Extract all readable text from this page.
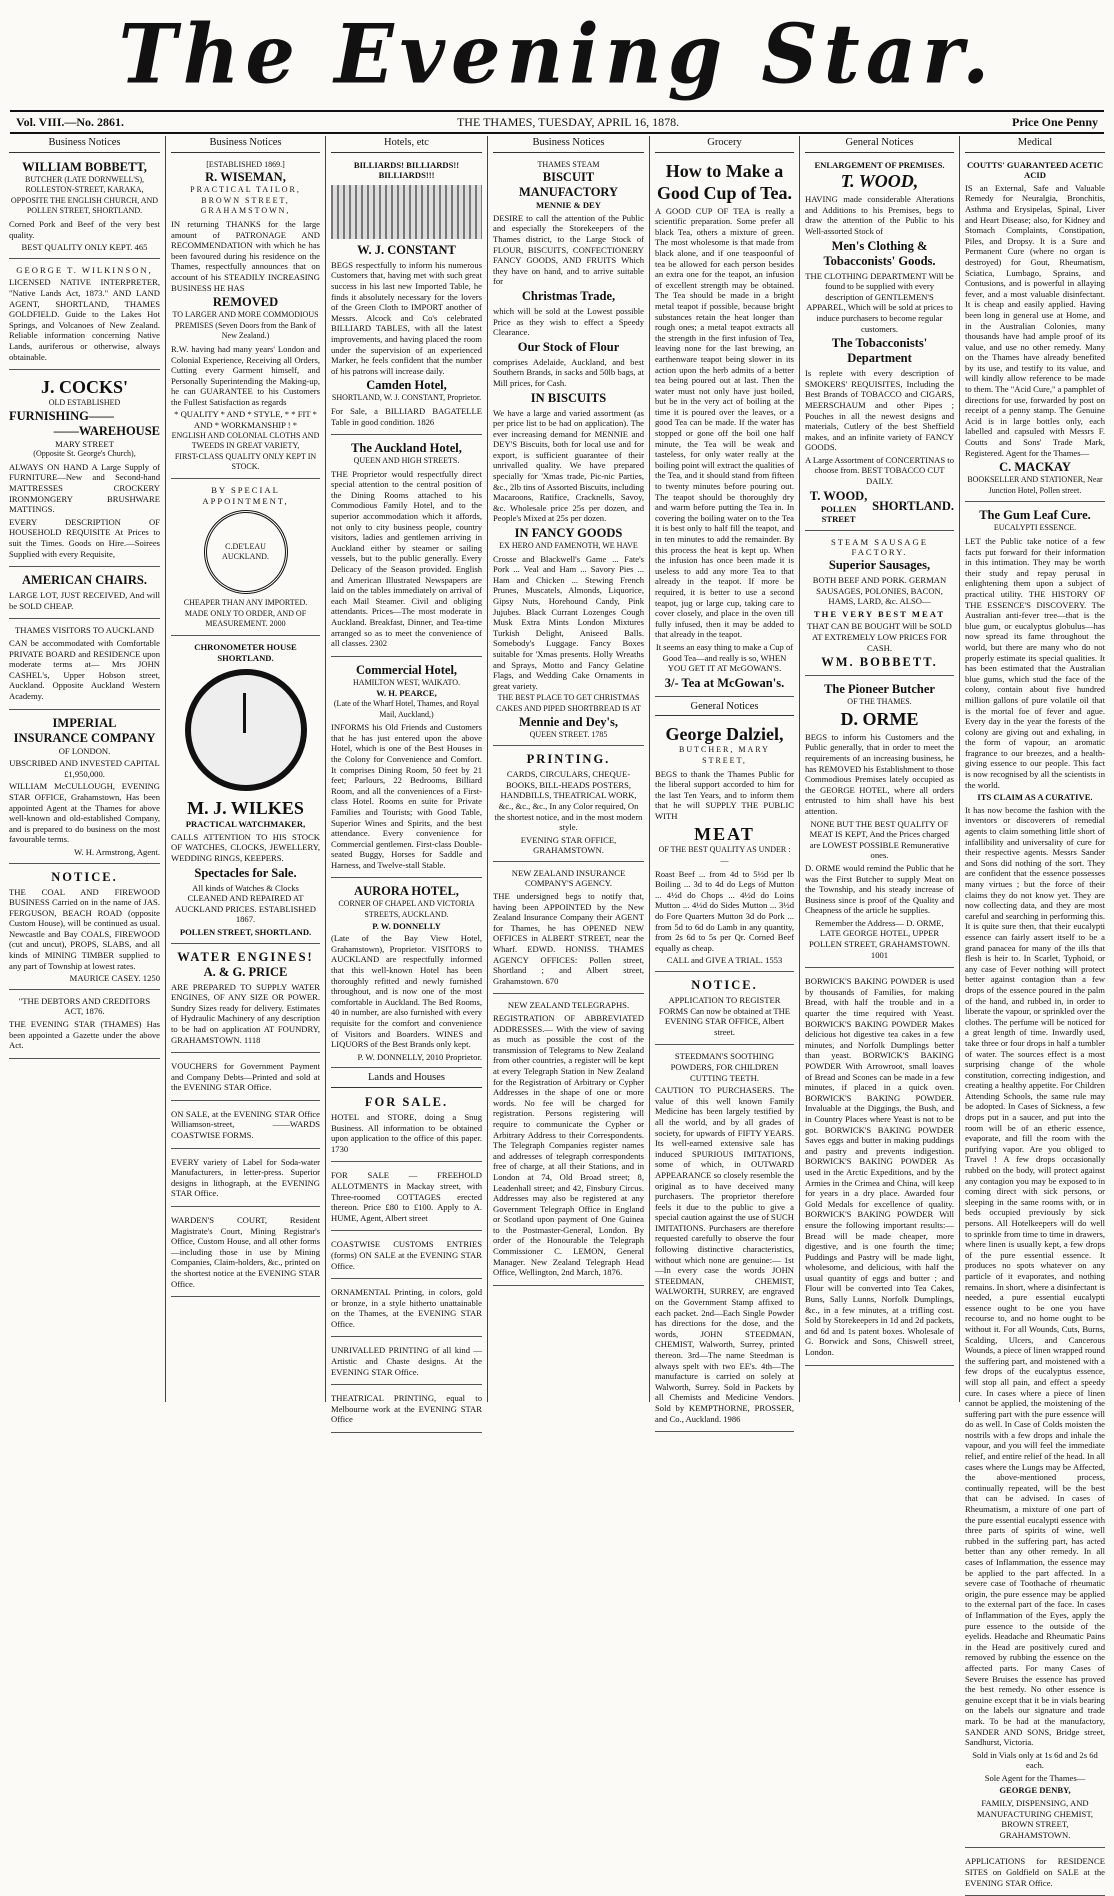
The Evening Star.
Vol. VIII.—No. 2861.	THE THAMES, TUESDAY, APRIL 16, 1878.	Price One Penny
Business Notices
WILLIAM BOBBETT,
BUTCHER (LATE DORNWELL'S), ROLLESTON-STREET, KARAKA, OPPOSITE THE ENGLISH CHURCH, AND POLLEN STREET, SHORTLAND.

Corned Pork and Beef of the very best quality.

BEST QUALITY ONLY KEPT. 465
GEORGE T. WILKINSON,

LICENSED NATIVE INTERPRETER, "Native Lands Act, 1873." AND LAND AGENT, SHORTLAND, THAMES GOLDFIELD. Guide to the Lakes Hot Springs, and Volcanoes of New Zealand. Reliable information concerning Native Lands, auriferous or otherwise, always obtainable.

J. COCKS'
OLD ESTABLISHED
FURNISHING——
——WAREHOUSE
MARY STREET
(Opposite St. George's Church),

ALWAYS ON HAND A Large Supply of FURNITURE—New and Second-hand MATTRESSES CROCKERY IRONMONGERY BRUSHWARE MATTINGS.

EVERY DESCRIPTION OF HOUSEHOLD REQUISITE At Prices to suit the Times. Goods on Hire.—Soirees Supplied with every Requisite,

AMERICAN CHAIRS.

LARGE LOT, JUST RECEIVED, And will be SOLD CHEAP.

THAMES VISITORS TO AUCKLAND

CAN be accommodated with Comfortable PRIVATE BOARD and RESIDENCE upon moderate terms at— Mrs JOHN CASHEL's, Upper Hobson street, Auckland. Opposite Auckland Western Academy.

IMPERIAL
INSURANCE COMPANY
OF LONDON.

UBSCRIBED AND INVESTED CAPITAL £1,950,000.

WILLIAM McCULLOUGH, EVENING STAR OFFICE, Grahamstown, Has been appointed Agent at the Thames for above well-known and old-established Company, and is prepared to do business on the most favourable terms.

W. H. Armstrong, Agent.
NOTICE.

THE COAL AND FIREWOOD BUSINESS Carried on in the name of JAS. FERGUSON, BEACH ROAD (opposite Custom House), will be continued as usual. Newcastle and Bay COALS, FIREWOOD (cut and uncut), PROPS, SLABS, and all kinds of MINING TIMBER supplied to any part of Township at lowest rates.

MAURICE CASEY. 1250
"THE DEBTORS AND CREDITORS ACT, 1876.

THE EVENING STAR (THAMES) Has been appointed a Gazette under the above Act.

Business Notices
[ESTABLISHED 1869.]
R. WISEMAN,
PRACTICAL TAILOR, BROWN STREET, GRAHAMSTOWN,

IN returning THANKS for the large amount of PATRONAGE AND RECOMMENDATION with which he has been favoured during his residence on the Thames, respectfully announces that on account of his STEADILY INCREASING BUSINESS HE HAS

REMOVED
TO LARGER AND MORE COMMODIOUS PREMISES (Seven Doors from the Bank of New Zealand.)

R.W. having had many years' London and Colonial Experience, Receiving all Orders, Cutting every Garment himself, and Personally Superintending the Making-up, he can GUARANTEE to his Customers the Fullest Satisfaction as regards

* QUALITY * AND * STYLE, * * FIT * AND * WORKMANSHIP ! *
ENGLISH AND COLONIAL CLOTHS AND TWEEDS IN GREAT VARIETY,
FIRST-CLASS QUALITY ONLY KEPT IN STOCK.
BY SPECIAL APPOINTMENT,
C.DE'LEAU AUCKLAND.
CHEAPER THAN ANY IMPORTED.
MADE ONLY TO ORDER, AND OF MEASUREMENT. 2000
CHRONOMETER HOUSE SHORTLAND.
M. J. WILKES
PRACTICAL WATCHMAKER,

CALLS ATTENTION TO HIS STOCK OF WATCHES, CLOCKS, JEWELLERY, WEDDING RINGS, KEEPERS.

Spectacles for Sale.

All kinds of Watches & Clocks CLEANED AND REPAIRED AT AUCKLAND PRICES. ESTABLISHED 1867.

POLLEN STREET, SHORTLAND.
WATER ENGINES!
A. & G. PRICE

ARE PREPARED TO SUPPLY WATER ENGINES, OF ANY SIZE OR POWER. Sundry Sizes ready for delivery. Estimates of Hydraulic Machinery of any description to be had on application AT FOUNDRY, GRAHAMSTOWN. 1118

VOUCHERS for Government Payment and Company Debts—Printed and sold at the EVENING STAR Office.

ON SALE, at the EVENING STAR Office Williamson-street, ——WARDS COASTWISE FORMS.

EVERY variety of Label for Soda-water Manufacturers, in letter-press. Superior designs in lithograph, at the EVENING STAR Office.

WARDEN'S COURT, Resident Magistrate's Court, Mining Registrar's Office, Custom House, and all other forms—including those in use by Mining Companies, Claim-holders, &c., printed on the shortest notice at the EVENING STAR Office.

Hotels, etc
BILLIARDS! BILLIARDS!! BILLIARDS!!!
W. J. CONSTANT

BEGS respectfully to inform his numerous Customers that, having met with such great success in his last new Imported Table, he finds it absolutely necessary for the lovers of the Green Cloth to IMPORT another of Messrs. Alcock and Co's celebrated BILLIARD TABLES, with all the latest improvements, and having placed the room under the supervision of an experienced Marker, he feels confident that the number of his patrons will increase daily.

Camden Hotel,
SHORTLAND, W. J. CONSTANT, Proprietor.

For Sale, a BILLIARD BAGATELLE Table in good condition. 1826

The Auckland Hotel,
QUEEN AND HIGH STREETS.

THE Proprietor would respectfully direct special attention to the central position of the Dining Rooms attached to his Commodious Family Hotel, and to the superior accommodation which it affords, not only to city business people, country visitors, ladies and gentlemen arriving in Auckland either by steamer or sailing vessels, but to the public generally. Every Delicacy of the Season provided. English and American Illustrated Newspapers are laid on the tables immediately on arrival of each Mail Steamer. Civil and obliging attendants. Prices—The most moderate in Auckland. Breakfast, Dinner, and Tea-time arranged so as to meet the convenience of all classes. 2302

Commercial Hotel,
HAMILTON WEST, WAIKATO.
W. H. PEARCE,
(Late of the Wharf Hotel, Thames, and Royal Mail, Auckland,)

INFORMS his Old Friends and Customers that he has just entered upon the above Hotel, which is one of the Best Houses in the Colony for Convenience and Comfort. It comprises Dining Room, 50 feet by 21 feet; Parlours, 22 Bedrooms, Billiard Room, and all the conveniences of a First-class Hotel. Rooms en suite for Private Families and Tourists; with Good Table, Superior Wines and Spirits, and the best attendance. Every convenience for Commercial gentlemen. First-class Double-seated Buggy, Horses for Saddle and Harness, and Twelve-stall Stable.

AURORA HOTEL,
CORNER OF CHAPEL AND VICTORIA STREETS, AUCKLAND.
P. W. DONNELLY

(Late of the Bay View Hotel, Grahamstown), Proprietor. VISITORS to AUCKLAND are respectfully informed that this well-known Hotel has been thoroughly refitted and newly furnished throughout, and is now one of the most comfortable in Auckland. The Bed Rooms, 40 in number, are also furnished with every requisite for the comfort and convenience of Visitors and Boarders. WINES and LIQUORS of the Best Brands only kept.

P. W. DONNELLY, 2010 Proprietor.
Lands and Houses
FOR SALE.

HOTEL and STORE, doing a Snug Business. All information to be obtained upon application to the office of this paper. 1730

FOR SALE — FREEHOLD ALLOTMENTS in Mackay street, with Three-roomed COTTAGES erected thereon. Price £80 to £100. Apply to A. HUME, Agent, Albert street

COASTWISE CUSTOMS ENTRIES (forms) ON SALE at the EVENING STAR Office.

ORNAMENTAL Printing, in colors, gold or bronze, in a style hitherto unattainable on the Thames, at the EVENING STAR Office.

UNRIVALLED PRINTING of all kind —Artistic and Chaste designs. At the EVENING STAR Office.

THEATRICAL PRINTING, equal to Melbourne work at the EVENING STAR Office

Business Notices
THAMES STEAM
BISCUIT MANUFACTORY
MENNIE & DEY

DESIRE to call the attention of the Public and especially the Storekeepers of the Thames district, to the Large Stock of FLOUR, BISCUITS, CONFECTIONERY FANCY GOODS, AND FRUITS Which they have on hand, and to arrive suitable for

Christmas Trade,

which will be sold at the Lowest possible Price as they wish to effect a Speedy Clearance.

Our Stock of Flour

comprises Adelaide, Auckland, and best Southern Brands, in sacks and 50lb bags, at Mill prices, for Cash.

IN BISCUITS

We have a large and varied assortment (as per price list to be had on application). The ever increasing demand for MENNIE and DEY'S Biscuits, both for local use and for export, is sufficient guarantee of their unrivalled quality. We have prepared specially for 'Xmas trade, Pic-nic Parties, &c., 2lb tins of Assorted Biscuits, including Macaroons, Ratifice, Cracknells, Savoy, &c. Wholesale price 25s per dozen, and People's Mixed at 25s per dozen.

IN FANCY GOODS
EX HERO AND FAMENOTH, WE HAVE

Crosse and Blackwell's Game ... Fate's Pork ... Veal and Ham ... Savory Pies ... Ham and Chicken ... Stewing French Prunes, Muscatels, Almonds, Liquorice, Gipsy Nuts, Horehound Candy, Pink Jujubes. Black Currant Lozenges Cough Musk Extra Mints London Mixtures Turkish Delight, Aniseed Balls. Somebody's Luggage. Fancy Boxes suitable for 'Xmas presents. Holly Wreaths and Sprays, Motto and Fancy Gelatine Flags, and Wedding Cake Ornaments in great variety.

THE BEST PLACE TO GET CHRISTMAS CAKES AND PIPED SHORTBREAD IS AT
Mennie and Dey's,
QUEEN STREET. 1785
PRINTING.

CARDS, CIRCULARS, CHEQUE-BOOKS, BILL-HEADS POSTERS, HANDBILLS, THEATRICAL WORK, &c., &c., &c., In any Color required, On the shortest notice, and in the most modern style.

EVENING STAR OFFICE, GRAHAMSTOWN.
NEW ZEALAND INSURANCE COMPANY'S AGENCY.

THE undersigned begs to notify that, having been APPOINTED by the New Zealand Insurance Company their AGENT for Thames, he has OPENED NEW OFFICES in ALBERT STREET, near the Wharf. EDWD. HONISS. THAMES AGENCY OFFICES: Pollen street, Shortland ; and Albert street, Grahamstown. 670

NEW ZEALAND TELEGRAPHS.

REGISTRATION OF ABBREVIATED ADDRESSES.— With the view of saving as much as possible the cost of the transmission of Telegrams to New Zealand from other countries, a register will be kept at every Telegraph Station in New Zealand for the Registration of Arbitrary or Cypher Addresses in the shape of one or more words. No fee will be charged for registration. Persons registering will require to communicate the Cypher or Arbitrary Address to their Correspondents. The Telegraph Companies register names and addresses of telegraph correspondents free of charge, at all their Stations, and in London at 74, Old Broad street; 8, Leadenhall street; and 42, Finsbury Circus. Addresses may also be registered at any Government Telegraph Office in England or Scotland upon payment of One Guinea to the Postmaster-General, London. By order of the Honourable the Telegraph Commissioner C. LEMON, General Manager. New Zealand Telegraph Head Office, Wellington, 2nd March, 1876.

Grocery
How to Make a Good Cup of Tea.

A GOOD CUP OF TEA is really a scientific preparation. Some prefer all black Tea, others a mixture of green. The most wholesome is that made from black alone, and if one teaspoonful of tea be allowed for each person besides an extra one for the teapot, an infusion of excellent strength may be obtained. The Tea should be made in a bright metal teapot if possible, because bright substances retain the heat longer than rough ones; a metal teapot extracts all the strength in the first infusion of Tea, leaving none for the last brewing, an earthenware teapot being slower in its action upon the herb admits of a better tea being poured out at last. Then the water must not only have just boiled, but be in the very act of boiling at the time it is poured over the leaves, or a good Tea can be made. If the water has stopped or gone off the boil one half minute, the Tea will be weak and tasteless, for only water really at the boiling point will extract the qualities of the Tea, and it should stand from fifteen to twenty minutes before pouring out. The teapot should be thoroughly dry and warm before putting the Tea in. In covering the boiling water on to the Tea it is best only to half fill the teapot, and in ten minutes to add the remainder. By this process the heat is kept up. When the infusion has once been made it is useless to add any more Tea to that already in the teapot. If more be required, it is better to use a second teapot, jug or large cup, taking care to cover closely, and place in the oven till fully infused, then it may be added to that already in the teapot.

It seems an easy thing to make a Cup of Good Tea—and really is so, WHEN YOU GET IT AT McGOWAN'S.

3/- Tea at McGowan's.
General Notices
George Dalziel,
BUTCHER, MARY STREET,

BEGS to thank the Thames Public for the liberal support accorded to him for the last Ten Years, and to inform them that he will SUPPLY THE PUBLIC WITH

MEAT
OF THE BEST QUALITY AS UNDER :—

Roast Beef ... from 4d to 5½d per lb Boiling ... 3d to 4d do Legs of Mutton ... 4½d do Chops ... 4½d do Loins Mutton ... 4½d do Sides Mutton ... 3½d do Fore Quarters Mutton 3d do Pork ... from 5d to 6d do Lamb in any quantity, from 2s 6d to 5s per Qr. Corned Beef equally as cheap.

CALL and GIVE A TRIAL. 1553
NOTICE.

APPLICATION TO REGISTER FORMS Can now be obtained at THE EVENING STAR OFFICE, Albert street.

STEEDMAN'S SOOTHING POWDERS, FOR CHILDREN CUTTING TEETH.

CAUTION TO PURCHASERS. The value of this well known Family Medicine has been largely testified by all the world, and by all grades of society, for upwards of FIFTY YEARS. Its well-earned extensive sale has induced SPURIOUS IMITATIONS, some of which, in OUTWARD APPEARANCE so closely resemble the original as to have deceived many purchasers. The proprietor therefore feels it due to the public to give a special caution against the use of SUCH IMITATIONS. Purchasers are therefore requested carefully to observe the four following distinctive characteristics, without which none are genuine:— 1st—In every case the words JOHN STEEDMAN, CHEMIST, WALWORTH, SURREY, are engraved on the Government Stamp affixed to each packet. 2nd—Each Single Powder has directions for the dose, and the words, JOHN STEEDMAN, CHEMIST, Walworth, Surrey, printed thereon. 3rd—The name Steedman is always spelt with two EE's. 4th—The manufacture is carried on solely at Walworth, Surrey. Sold in Packets by all Chemists and Medicine Vendors. Sold by KEMPTHORNE, PROSSER, and Co., Auckland. 1986

General Notices
ENLARGEMENT OF PREMISES.
T. WOOD,

HAVING made considerable Alterations and Additions to his Premises, begs to draw the attention of the Public to his Well-assorted Stock of

Men's Clothing & Tobacconists' Goods.

THE CLOTHING DEPARTMENT Will be found to be supplied with every description of GENTLEMEN'S APPAREL, Which will be sold at prices to induce purchasers to become regular customers.

The Tobacconists' Department

Is replete with every description of SMOKERS' REQUISITES, Including the Best Brands of TOBACCO and CIGARS, MEERSCHAUM and other Pipes ; Pouches in all the newest designs and materials, Cutlery of the best Sheffield makes, and an infinite variety of FANCY GOODS.

A Large Assortment of CONCERTINAS to choose from. BEST TOBACCO CUT DAILY.

T. WOOD,
POLLEN STREET
SHORTLAND.
STEAM SAUSAGE FACTORY.
Superior Sausages,

BOTH BEEF AND PORK. GERMAN SAUSAGES, POLONIES, BACON, HAMS, LARD, &c. ALSO—

THE VERY BEST MEAT

THAT CAN BE BOUGHT Will be SOLD AT EXTREMELY LOW PRICES FOR CASH.

WM. BOBBETT.
The Pioneer Butcher
OF THE THAMES.
D. ORME

BEGS to inform his Customers and the Public generally, that in order to meet the requirements of an increasing business, he has REMOVED his Establishment to those Commodious Premises lately occupied as the GEORGE HOTEL, where all orders entrusted to him shall have his best attention.

NONE BUT THE BEST QUALITY OF MEAT IS KEPT, And the Prices charged are LOWEST POSSIBLE Remunerative ones.

D. ORME would remind the Public that he was the First Butcher to supply Meat on the Township, and his steady increase of Business since is proof of the Quality and Cheapness of the article he supplies.

Remember the Address— D. ORME, LATE GEORGE HOTEL, UPPER POLLEN STREET, GRAHAMSTOWN. 1001

BORWICK'S BAKING POWDER is used by thousands of Families, for making Bread, with half the trouble and in a quarter the time required with Yeast. BORWICK'S BAKING POWDER Makes delicious hot digestive tea cakes in a few minutes, and Norfolk Dumplings better than yeast. BORWICK'S BAKING POWDER With Arrowroot, small loaves of Bread and Scones can be made in a few minutes, if placed in a quick oven. BORWICK'S BAKING POWDER. Invaluable at the Diggings, the Bush, and in Country Places where Yeast is not to be got. BORWICK'S BAKING POWDER Saves eggs and butter in making puddings and pastry and prevents indigestion. BORWICK'S BAKING POWDER As used in the Arctic Expeditions, and by the Armies in the Crimea and China, will keep for years in a dry place. Awarded four Gold Medals for excellence of quality. BORWICK'S BAKING POWDER Will ensure the following important results:—Bread will be made cheaper, more digestive, and is one fourth the time; Puddings and Pastry will be made light, wholesome, and delicious, with half the usual quantity of eggs and butter ; and Flour will be converted into Tea Cakes, Buns, Sally Lunns, Norfolk Dumplings, &c., in a few minutes, at a trifling cost. Sold by Storekeepers in 1d and 2d packets, and 6d and 1s patent boxes. Wholesale of G. Borwick and Sons, Chiswell street, London.

Medical
COUTTS' GUARANTEED ACETIC ACID

IS an External, Safe and Valuable Remedy for Neuralgia, Bronchitis, Asthma and Erysipelas, Spinal, Liver and Heart Disease; also, for Kidney and Stomach Complaints, Constipation, Piles, and Dropsy. It is a Sure and Permanent Cure (where no organ is destroyed) for Gout, Rheumatism, Sciatica, Lumbago, Sprains, and Contusions, and is powerful in allaying fever, and a most valuable disinfectant. It is cheap and easily applied. Having been long in general use at Home, and in the Australian Colonies, many thousands have had ample proof of its value, and use no other remedy. Many on the Thames have already benefited by its use, and testify to its value, and will kindly allow reference to be made to them. The "Acid Cure," a pamphlet of directions for use, forwarded by post on receipt of a penny stamp. The Genuine Acid is in large bottles only, each labelled and capsuled with Messrs F. Coutts and Sons' Trade Mark, Registered. Agent for the Thames—

C. MACKAY
BOOKSELLER AND STATIONER, Near Junction Hotel, Pollen street.
The Gum Leaf Cure.
EUCALYPTI ESSENCE.

LET the Public take notice of a few facts put forward for their information in this intimation. They may be worth their study and repay perusal in enlightening them upon a subject of practical utility. THE HISTORY OF THE ESSENCE'S DISCOVERY. The Australian anti-fever tree—that is the blue gum, or eucalyptus globulus—has now spread its fame throughout the world, but there are many who do not properly estimate its special qualities. It has been estimated that the Australian blue gums, which stud the face of the colony, contain about five hundred million gallons of pure volatile oil that is the mortal foe of fever and ague. Every day in the year the forests of the colony are giving out and exhaling, in the form of vapour, an aromatic fragrance to our breezes, and a health-giving essence to our people. This fact is now recognised by all the scientists in the world.

ITS CLAIM AS A CURATIVE.

It has now become the fashion with the inventors or discoverers of remedial agents to claim something little short of infallibility and universality of cure for their respective agents. Messrs Sander and Sons did nothing of the sort. They are confident that the essence possesses many virtues ; but the force of their claims they do not know yet. They are now collecting data, and they are most careful and searching in performing this. It is quite sure then, that their eucalypti essence can fairly assert itself to be a grand panacea for many of the ills that flesh is heir to. In Scarlet, Typhoid, or any case of Fever nothing will protect better against contagion than a few drops of the essence poured in the palm of the hand, and rubbed in, in order to liberate the vapour, or sprinkled over the clothes. The perfume will be noticed for a great length of time. Inwardly used, take three or four drops in half a tumbler of water. The sources effect is a most surprising change of the whole constitution, correcting indigestion, and creating a healthy appetite. For Children Attending Schools, the same rule may be adopted. In Cases of Sickness, a few drops put in a saucer, and put into the room will be of an etheric essence, evaporate, and fill the room with the purifying vapor. Are you obliged to Travel ! A few drops occasionally rubbed on the body, will protect against any contagion you may be exposed to in coming direct with sick persons, or sleeping in the same rooms with, or in beds occupied previously by sick persons. All Hotelkeepers will do well to sprinkle from time to time in drawers, where linen is usually kept, a few drops of the pure essential essence. It produces no spots whatever on any particle of it evaporates, and nothing remains. In short, where a disinfectant is needed, a pure essential eucalypti essence ought to be one you have recourse to, and no home ought to be without it. For all Wounds, Cuts, Burns, Scalding, Ulcers, and Cancerous Wounds, a piece of linen wrapped round the suffering part, and moistened with a few drops of the eucalyptus essence, will stop all pain, and effect a speedy cure. In cases where a piece of linen cannot be applied, the moistening of the suffering part with the pure essence will do as well. In Case of Colds moisten the nostrils with a few drops and inhale the vapour, and you will feel the immediate relief, and entire relief of the head. In all cases where the Lungs may be Affected, the above-mentioned process, continually repeated, will be the best that can be advised. In cases of Rheumatism, a mixture of one part of the pure essential eucalypti essence with three parts of spirits of wine, well rubbed in the suffering part, has acted better than any other remedy. In all cases of Inflammation, the essence may be applied to the part affected. In a severe case of Toothache of rheumatic origin, the pure essence may be applied to the external part of the face. In cases of Inflammation of the Eyes, apply the pure essence to the outside of the eyelids. Headache and Rheumatic Pains in the Head are positively cured and removed by rubbing the essence on the affected parts. For many Cases of Severe Bruises the essence has proved the best remedy. No other essence is genuine except that it be in vials bearing on the labels our signature and trade mark. To be had at the manufactory, SANDER AND SONS, Bridge street, Sandhurst, Victoria.

Sold in Vials only at 1s 6d and 2s 6d each.

Sole Agent for the Thames—

GEORGE DENBY,

FAMILY, DISPENSING, AND MANUFACTURING CHEMIST, BROWN STREET, GRAHAMSTOWN.

APPLICATIONS for RESIDENCE SITES on Goldfield on SALE at the EVENING STAR Office.
